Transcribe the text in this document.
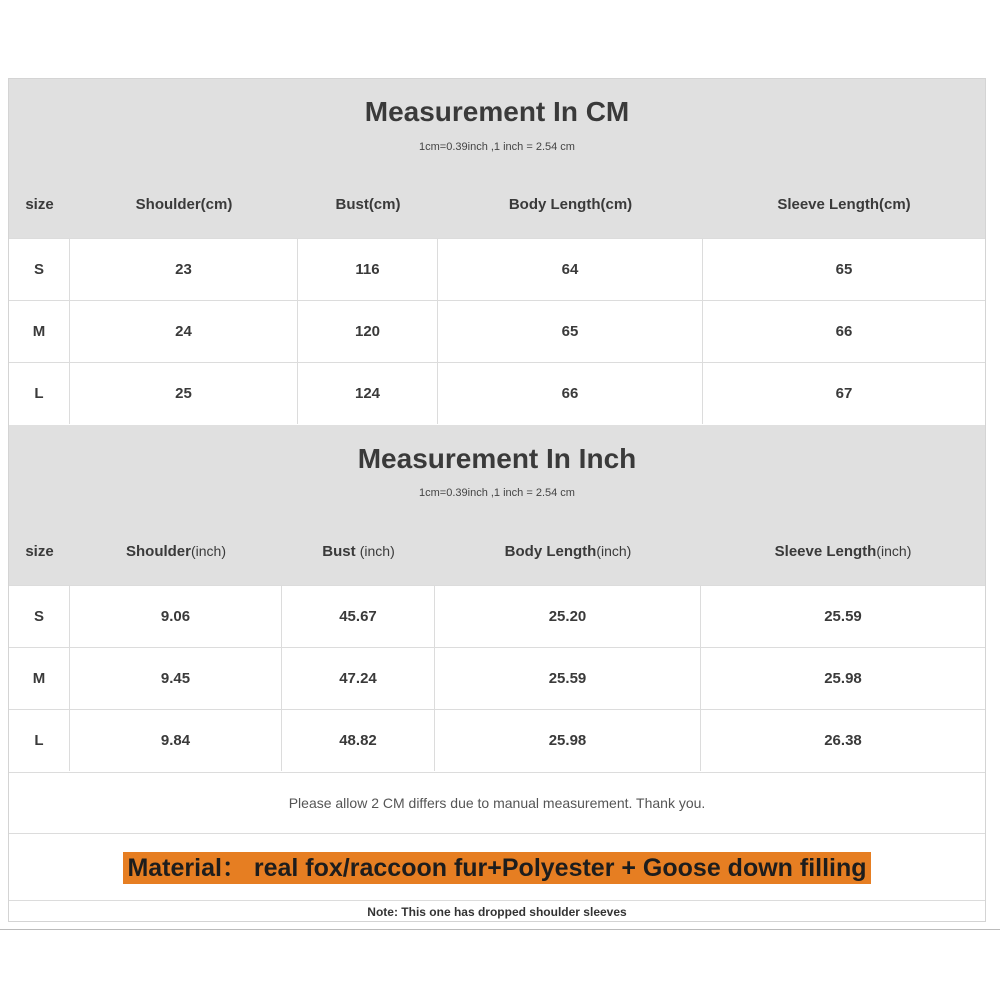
Measurement In CM
1cm=0.39inch ,1 inch = 2.54 cm
size	Shoulder(cm)	Bust(cm)	Body Length(cm)	Sleeve Length(cm)
S	23	116	64	65
M	24	120	65	66
L	25	124	66	67
Measurement In Inch
1cm=0.39inch ,1 inch = 2.54 cm
size	Shoulder(inch)	Bust (inch)	Body Length(inch)	Sleeve Length(inch)
S	9.06	45.67	25.20	25.59
M	9.45	47.24	25.59	25.98
L	9.84	48.82	25.98	26.38
Please allow 2 CM differs due to manual measurement. Thank you.
Material： real fox/raccoon fur+Polyester + Goose down filling
Note: This one has dropped shoulder sleeves
